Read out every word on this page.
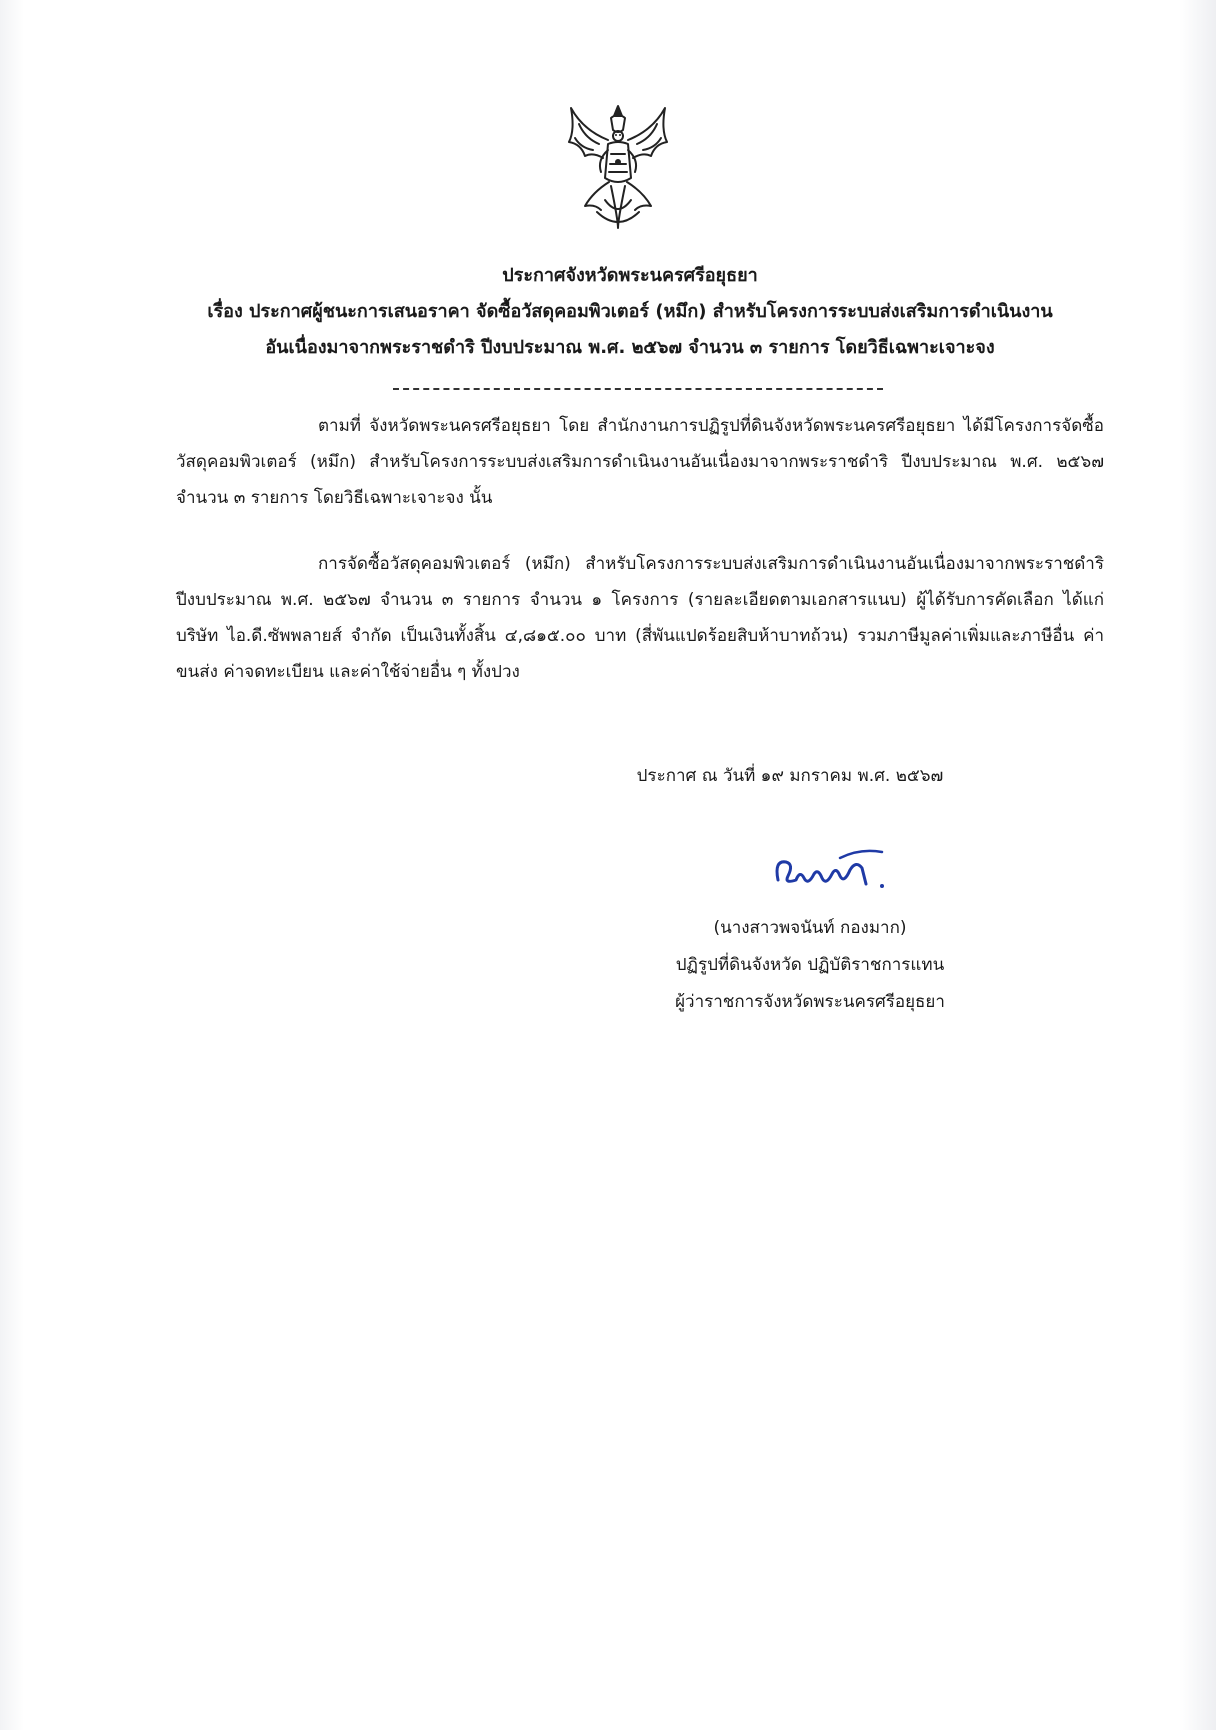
ประกาศจังหวัดพระนครศรีอยุธยา
เรื่อง ประกาศผู้ชนะการเสนอราคา จัดซื้อวัสดุคอมพิวเตอร์ (หมึก) สำหรับโครงการระบบส่งเสริมการดำเนินงาน
อันเนื่องมาจากพระราชดำริ ปีงบประมาณ พ.ศ. ๒๕๖๗ จำนวน ๓ รายการ โดยวิธีเฉพาะเจาะจง

ตามที่ จังหวัดพระนครศรีอยุธยา โดย สำนักงานการปฏิรูปที่ดินจังหวัดพระนครศรีอยุธยา ได้มีโครงการจัดซื้อวัสดุคอมพิวเตอร์ (หมึก) สำหรับโครงการระบบส่งเสริมการดำเนินงานอันเนื่องมาจากพระราชดำริ ปีงบประมาณ พ.ศ. ๒๕๖๗ จำนวน ๓ รายการ โดยวิธีเฉพาะเจาะจง นั้น

การจัดซื้อวัสดุคอมพิวเตอร์ (หมึก) สำหรับโครงการระบบส่งเสริมการดำเนินงานอันเนื่องมาจากพระราชดำริ ปีงบประมาณ พ.ศ. ๒๕๖๗ จำนวน ๓ รายการ จำนวน ๑ โครงการ (รายละเอียดตามเอกสารแนบ) ผู้ได้รับการคัดเลือก ได้แก่ บริษัท ไอ.ดี.ซัพพลายส์ จำกัด เป็นเงินทั้งสิ้น ๔,๘๑๕.๐๐ บาท (สี่พันแปดร้อยสิบห้าบาทถ้วน) รวมภาษีมูลค่าเพิ่มและภาษีอื่น ค่าขนส่ง ค่าจดทะเบียน และค่าใช้จ่ายอื่น ๆ ทั้งปวง

ประกาศ ณ วันที่ ๑๙ มกราคม พ.ศ. ๒๕๖๗
(นางสาวพจนันท์ กองมาก)
ปฏิรูปที่ดินจังหวัด ปฏิบัติราชการแทน
ผู้ว่าราชการจังหวัดพระนครศรีอยุธยา
